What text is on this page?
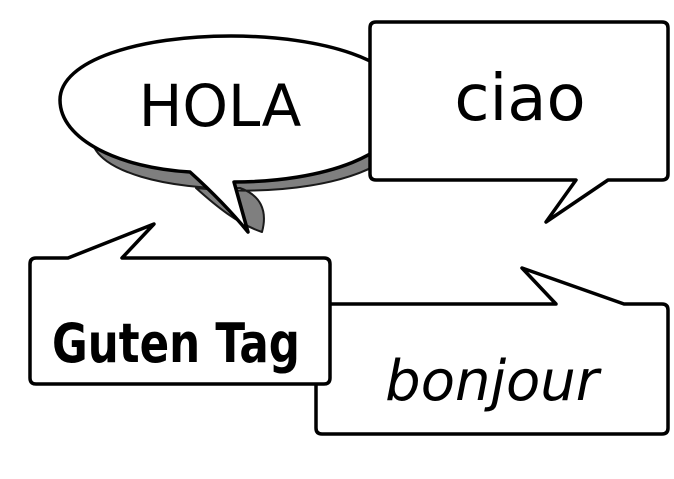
HOLA ciao
bonjour
Guten Tag
